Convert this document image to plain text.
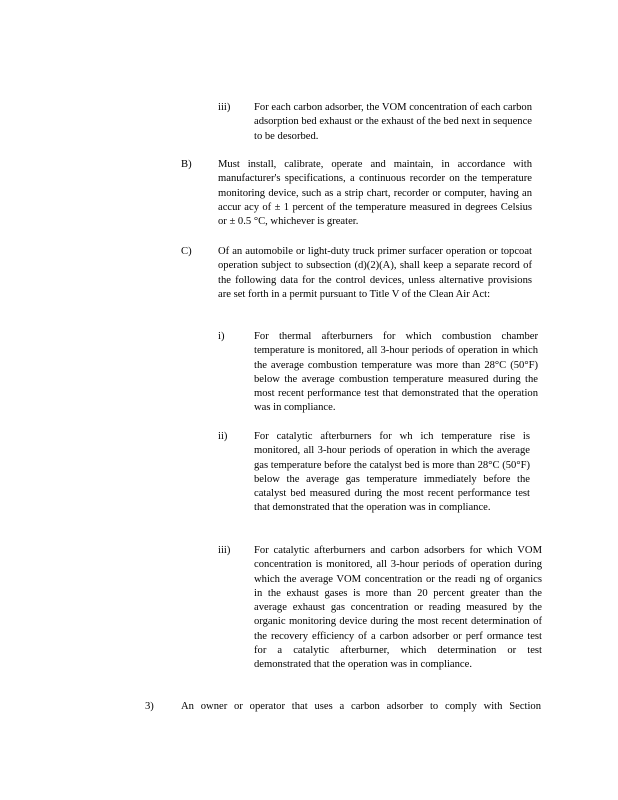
iii) For each carbon adsorber, the VOM concentration of each carbon adsorption bed exhaust or the exhaust of the bed next in sequence to be desorbed.
B) Must install, calibrate, operate and maintain, in accordance with manufacturer's specifications, a continuous recorder on the temperature monitoring device, such as a strip chart, recorder or computer, having an accur acy of ± 1 percent of the temperature measured in degrees Celsius or ± 0.5 °C, whichever is greater.
C) Of an automobile or light-duty truck primer surfacer operation or topcoat operation subject to subsection (d)(2)(A), shall keep a separate record of the following data for the control devices, unless alternative provisions are set forth in a permit pursuant to Title V of the Clean Air Act:
i)	For thermal afterburners for which combustion chamber temperature is monitored, all 3-hour periods of operation in which the average combustion temperature was more than 28°C (50°F) below the average combustion temperature measured during the most recent performance test that demonstrated that the operation was in compliance.
ii)	For catalytic afterburners for wh ich temperature rise is monitored, all 3-hour periods of operation in which the average gas temperature before the catalyst bed is more than 28°C (50°F) below the average gas temperature immediately before the catalyst bed measured during the most recent performance test that demonstrated that the operation was in compliance.
iii) For catalytic afterburners and carbon adsorbers for which VOM concentration is monitored, all 3-hour periods of operation during which the average VOM concentration or the readi ng of organics in the exhaust gases is more than 20 percent greater than the average exhaust gas concentration or reading measured by the organic monitoring device during the most recent determination of the recovery efficiency of a carbon adsorber or perf ormance test for a catalytic afterburner, which determination or test demonstrated that the operation was in compliance.
3)	An owner or operator that uses a carbon adsorber to comply with Section
